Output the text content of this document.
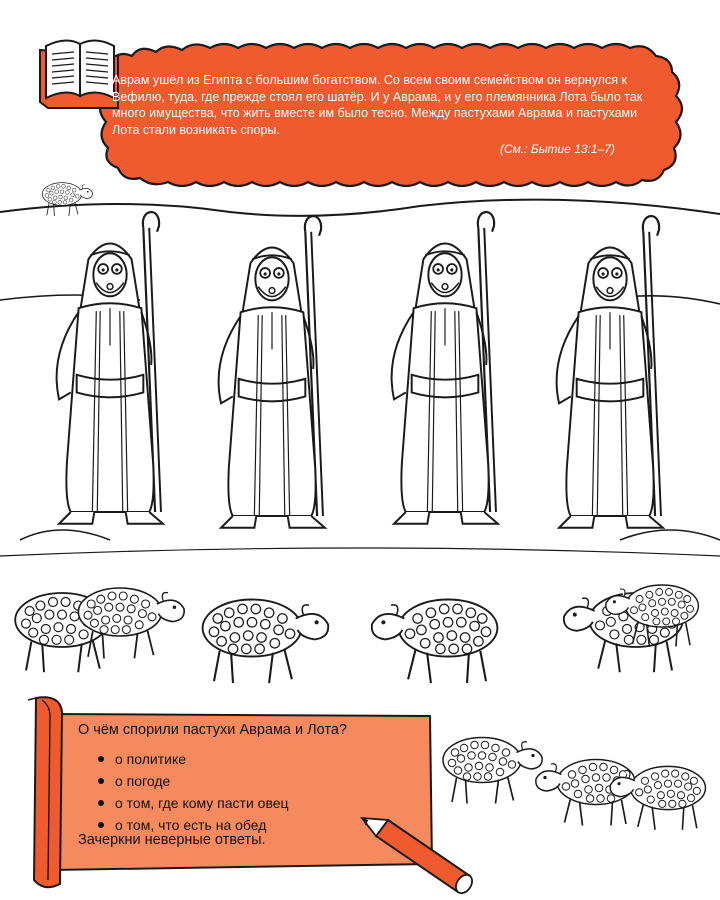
Аврам ушёл из Египта с большим богатством. Со всем своим семейством он вернулся к Вефилю, туда, где прежде стоял его шатёр. И у Аврама, и у его племянника Лота было так много имущества, что жить вместе им было тесно. Между пастухами Аврама и пастухами Лота стали возникать споры.
(См.: Бытие 13:1–7)
О чём спорили пастухи Аврама и Лота?
о политике
о погоде
о том, где кому пасти овец
о том, что есть на обед
Зачеркни неверные ответы.
